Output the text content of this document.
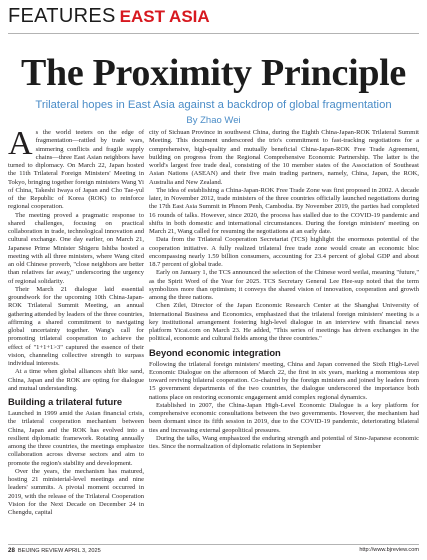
FEATURES EAST ASIA
The Proximity Principle
Trilateral hopes in East Asia against a backdrop of global fragmentation
By Zhao Wei

As the world teeters on the edge of fragmentation—rattled by trade wars, simmering conflicts and fragile supply chains—three East Asian neighbors have turned to diplomacy. On March 22, Japan hosted the 11th Trilateral Foreign Ministers' Meeting in Tokyo, bringing together foreign ministers Wang Yi of China, Takeshi Iwaya of Japan and Cho Tae-yul of the Republic of Korea (ROK) to reinforce regional cooperation.

The meeting proved a pragmatic response to shared challenges, focusing on practical collaboration in trade, technological innovation and cultural exchange. One day earlier, on March 21, Japanese Prime Minister Shigeru Ishiba hosted a meeting with all three ministers, where Wang cited an old Chinese proverb, "close neighbors are better than relatives far away," underscoring the urgency of regional solidarity.

Their March 21 dialogue laid essential groundwork for the upcoming 10th China-Japan-ROK Trilateral Summit Meeting, an annual gathering attended by leaders of the three countries, affirming a shared commitment to navigating global uncertainty together. Wang's call for promoting trilateral cooperation to achieve the effect of "1+1+1>3" captured the essence of their vision, channeling collective strength to surpass individual interests.

At a time when global alliances shift like sand, China, Japan and the ROK are opting for dialogue and mutual understanding.

Building a trilateral future

Launched in 1999 amid the Asian financial crisis, the trilateral cooperation mechanism between China, Japan and the ROK has evolved into a resilient diplomatic framework. Rotating annually among the three countries, the meetings emphasize collaboration across diverse sectors and aim to promote the region's stability and development.

Over the years, the mechanism has matured, hosting 21 ministerial-level meetings and nine leaders' summits. A pivotal moment occurred in 2019, with the release of the Trilateral Cooperation Vision for the Next Decade on December 24 in Chengdu, capital

city of Sichuan Province in southwest China, during the Eighth China-Japan-ROK Trilateral Summit Meeting. This document underscored the trio's commitment to fast-tracking negotiations for a comprehensive, high-quality and mutually beneficial China-Japan-ROK Free Trade Agreement, building on progress from the Regional Comprehensive Economic Partnership. The latter is the world's largest free trade deal, consisting of the 10 member states of the Association of Southeast Asian Nations (ASEAN) and their five main trading partners, namely, China, Japan, the ROK, Australia and New Zealand.

The idea of establishing a China-Japan-ROK Free Trade Zone was first proposed in 2002. A decade later, in November 2012, trade ministers of the three countries officially launched negotiations during the 17th East Asia Summit in Phnom Penh, Cambodia. By November 2019, the parties had completed 16 rounds of talks. However, since 2020, the process has stalled due to the COVID-19 pandemic and shifts in both domestic and international circumstances. During the foreign ministers' meeting on March 21, Wang called for resuming the negotiations at an early date.

Data from the Trilateral Cooperation Secretariat (TCS) highlight the enormous potential of the cooperation initiative. A fully realized trilateral free trade zone would create an economic bloc encompassing nearly 1.59 billion consumers, accounting for 23.4 percent of global GDP and about 18.7 percent of global trade.

Early on January 1, the TCS announced the selection of the Chinese word weilai, meaning "future," as the Spirit Word of the Year for 2025. TCS Secretary General Lee Hee-sup noted that the term symbolizes more than optimism; it conveys the shared vision of innovation, cooperation and growth among the three nations.

Chen Zilei, Director of the Japan Economic Research Center at the Shanghai University of International Business and Economics, emphasized that the trilateral foreign ministers' meeting is a key institutional arrangement fostering high-level dialogue in an interview with financial news platform Yicai.com on March 23. He added, "This series of meetings has driven exchanges in the political, economic and cultural fields among the three countries."

Beyond economic integration

Following the trilateral foreign ministers' meeting, China and Japan convened the Sixth High-Level Economic Dialogue on the afternoon of March 22, the first in six years, marking a momentous step toward reviving bilateral cooperation. Co-chaired by the foreign ministers and joined by leaders from 15 government departments of the two countries, the dialogue underscored the importance both nations place on restoring economic engagement amid complex regional dynamics.

Established in 2007, the China-Japan High-Level Economic Dialogue is a key platform for comprehensive economic consultations between the two governments. However, the mechanism had been dormant since its fifth session in 2019, due to the COVID-19 pandemic, deteriorating bilateral ties and increasing external geopolitical pressures.

During the talks, Wang emphasized the enduring strength and potential of Sino-Japanese economic ties. Since the normalization of diplomatic relations in September

28 BEIJING REVIEW APRIL 3, 2025	http://www.bjreview.com
